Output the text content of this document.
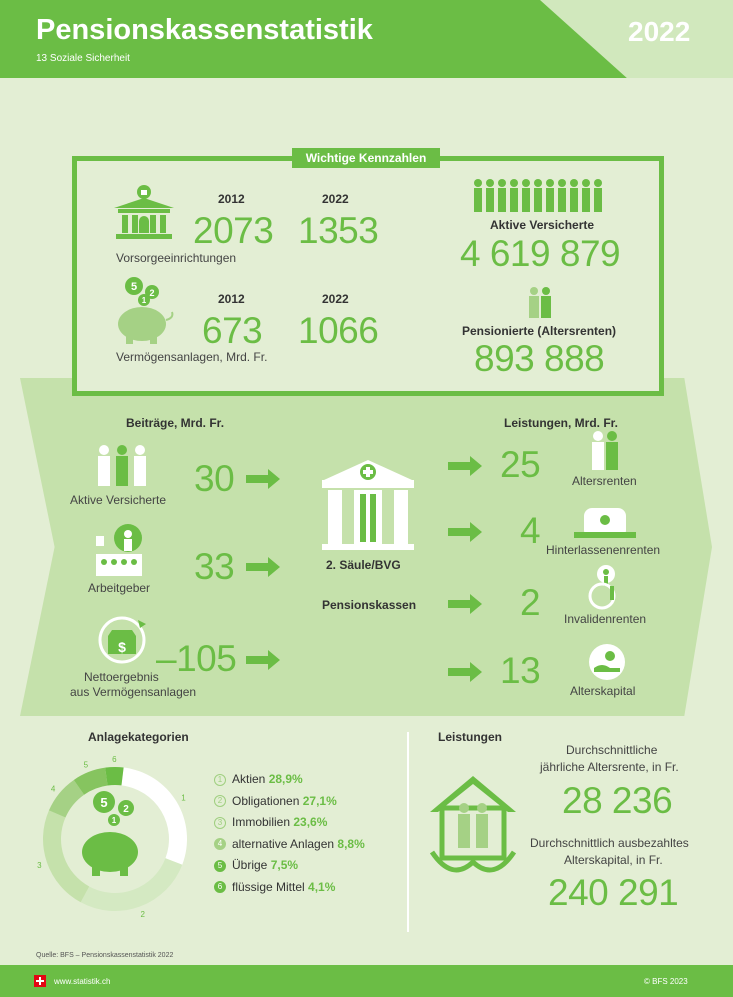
Pensionskassenstatistik
13 Soziale Sicherheit
2022
Wichtige Kennzahlen
2012
2073
2022
1353
Vorsorgeeinrichtungen
5 2
1	2012
673
2022
1066
Vermögensanlagen, Mrd. Fr.
Aktive Versicherte
4 619 879
Pensionierte (Altersrenten)
893 888
Beiträge, Mrd. Fr.	Leistungen, Mrd. Fr.
Aktive Versicherte
30
Arbeitgeber
33
$
Nettoergebnis
aus Vermögensanlagen
–105
2. Säule/BVG
Pensionskassen
25	Altersrenten
4 Hinterlassenenrenten
2 Invalidenrenten
13 Alterskapital
Anlagekategorien
1
2
3
4
5
6
5 2
1
1 Aktien 28,9%
2 Obligationen 27,1%
3 Immobilien 23,6%
4 alternative Anlagen 8,8%
5 Übrige 7,5%
6 flüssige Mittel 4,1%
Leistungen
Durchschnittliche
jährliche Altersrente, in Fr.
28 236
Durchschnittlich ausbezahltes
Alterskapital, in Fr.
240 291
Quelle: BFS – Pensionskassenstatistik 2022
www.statistik.ch	© BFS 2023
